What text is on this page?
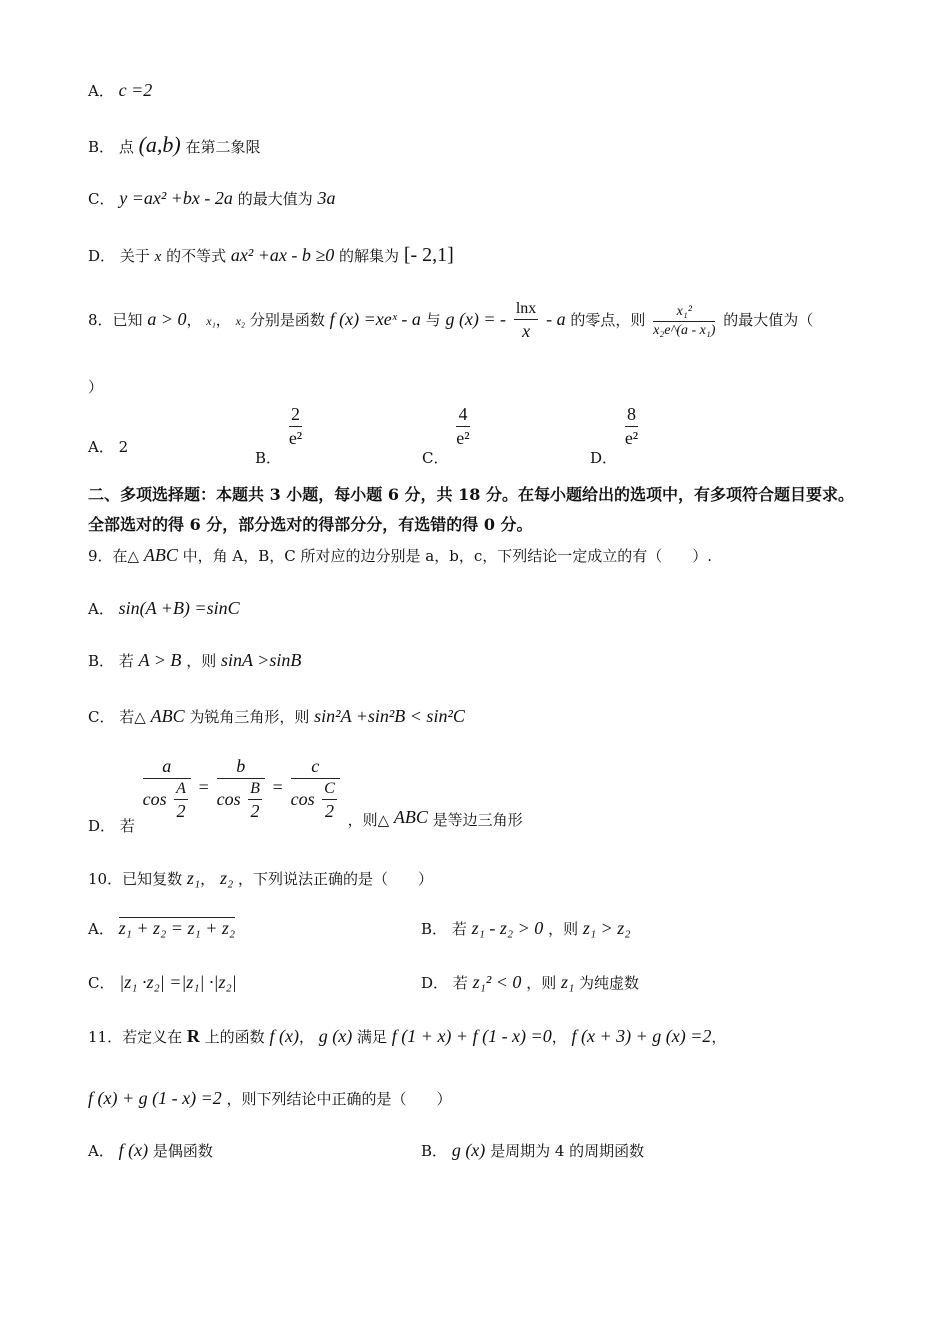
A． c =2
B． 点 (a,b) 在第二象限
C． y =ax² +bx - 2a 的最大值为 3a
D． 关于 x 的不等式 ax² +ax - b ≥0 的解集为 [- 2,1]
8．已知 a > 0， x₁， x₂ 分别是函数 f (x) =xeˣ - a 与 g (x) = - $\frac{\ln x}{x}$ - a 的零点，则 $\frac{\text{x₁²}}{\text{x₂e\textasciicircum{}(a - x₁)}}$ 的最大值为（
）
A． 2
B．
$\frac{2}{\text{e²}}$
C．
$\frac{4}{\text{e²}}$
D．
$\frac{8}{\text{e²}}$
二、多项选择题：本题共 3 小题，每小题 6 分，共 18 分。在每小题给出的选项中，有多项符合题目要求。全部选对的得 6 分，部分选对的得部分分，有选错的得 0 分。
9．在△ ABC 中，角 A，B，C 所对应的边分别是 a，b，c，下列结论一定成立的有（　　）.
A． sin(A +B) =sinC
B． 若 A > B ，则 sinA >sinB
C． 若△ ABC 为锐角三角形，则 sin²A +sin²B < sin²C
D． 若
$\frac{a}{\cos \frac{A}{2}} = \frac{b}{\cos \frac{B}{2}} = \frac{c}{\cos \frac{C}{2}}$ ，则△ ABC 是等边三角形
10．已知复数 z₁， z₂ ，下列说法正确的是（　　）
A． z₁ + z₂ = z₁ + z₂	B． 若 z₁ - z₂ > 0 ，则 z₁ > z₂
C． |z₁ ·z₂| =|z₁| ·|z₂|	D． 若 z₁² < 0 ，则 z₁ 为纯虚数
11．若定义在 R 上的函数 f (x)， g (x) 满足 f (1 + x) + f (1 - x) =0， f (x + 3) + g (x) =2，
f (x) + g (1 - x) =2 ，则下列结论中正确的是（　　）
A． f (x) 是偶函数	B． g (x) 是周期为 4 的周期函数
